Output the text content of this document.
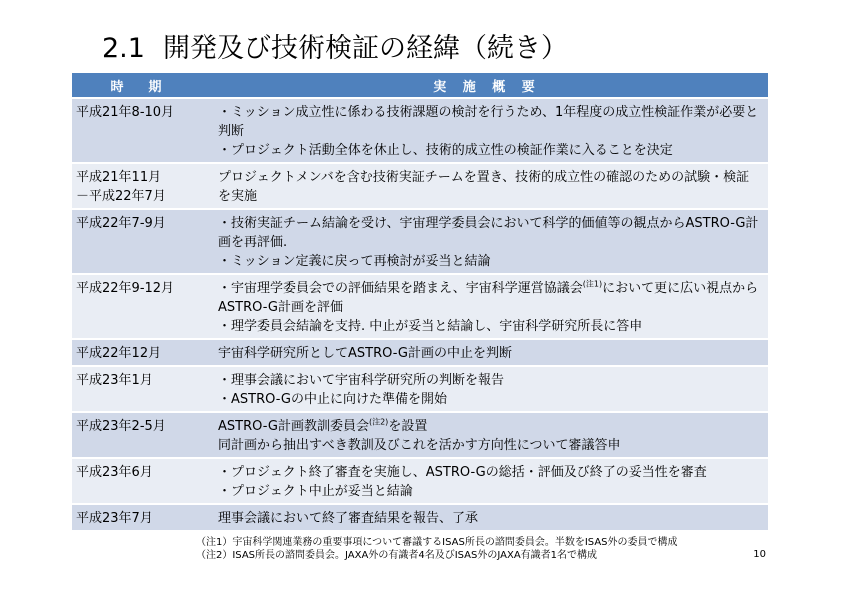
2.1 開発及び技術検証の経緯（続き）
時　期	実 施 概 要

平成21年8-10月	・ミッション成立性に係わる技術課題の検討を行うため、1年程度の成立性検証作業が必要と判断
・プロジェクト活動全体を休止し、技術的成立性の検証作業に入ることを決定

平成21年11月
－平成22年7月	プロジェクトメンバを含む技術実証チームを置き、技術的成立性の確認のための試験・検証を実施

平成22年7-9月	・技術実証チーム結論を受け、宇宙理学委員会において科学的価値等の観点からASTRO-G計画を再評価.
・ミッション定義に戻って再検討が妥当と結論

平成22年9-12月	・宇宙理学委員会での評価結果を踏まえ、宇宙科学運営協議会$^{(注1)}$において更に広い視点からASTRO-G計画を評価
・理学委員会結論を支持. 中止が妥当と結論し、宇宙科学研究所長に答申

平成22年12月	宇宙科学研究所としてASTRO-G計画の中止を判断

平成23年1月	・理事会議において宇宙科学研究所の判断を報告
・ASTRO-Gの中止に向けた準備を開始

平成23年2-5月	ASTRO-G計画教訓委員会$^{(注2)}$を設置
同計画から抽出すべき教訓及びこれを活かす方向性について審議答申

平成23年6月	・プロジェクト終了審査を実施し、ASTRO-Gの総括・評価及び終了の妥当性を審査
・プロジェクト中止が妥当と結論

平成23年7月	理事会議において終了審査結果を報告、了承
（注1）宇宙科学関連業務の重要事項について審議するISAS所長の諮問委員会。半数をISAS外の委員で構成
（注2）ISAS所長の諮問委員会。JAXA外の有識者4名及びISAS外のJAXA有識者1名で構成	10
